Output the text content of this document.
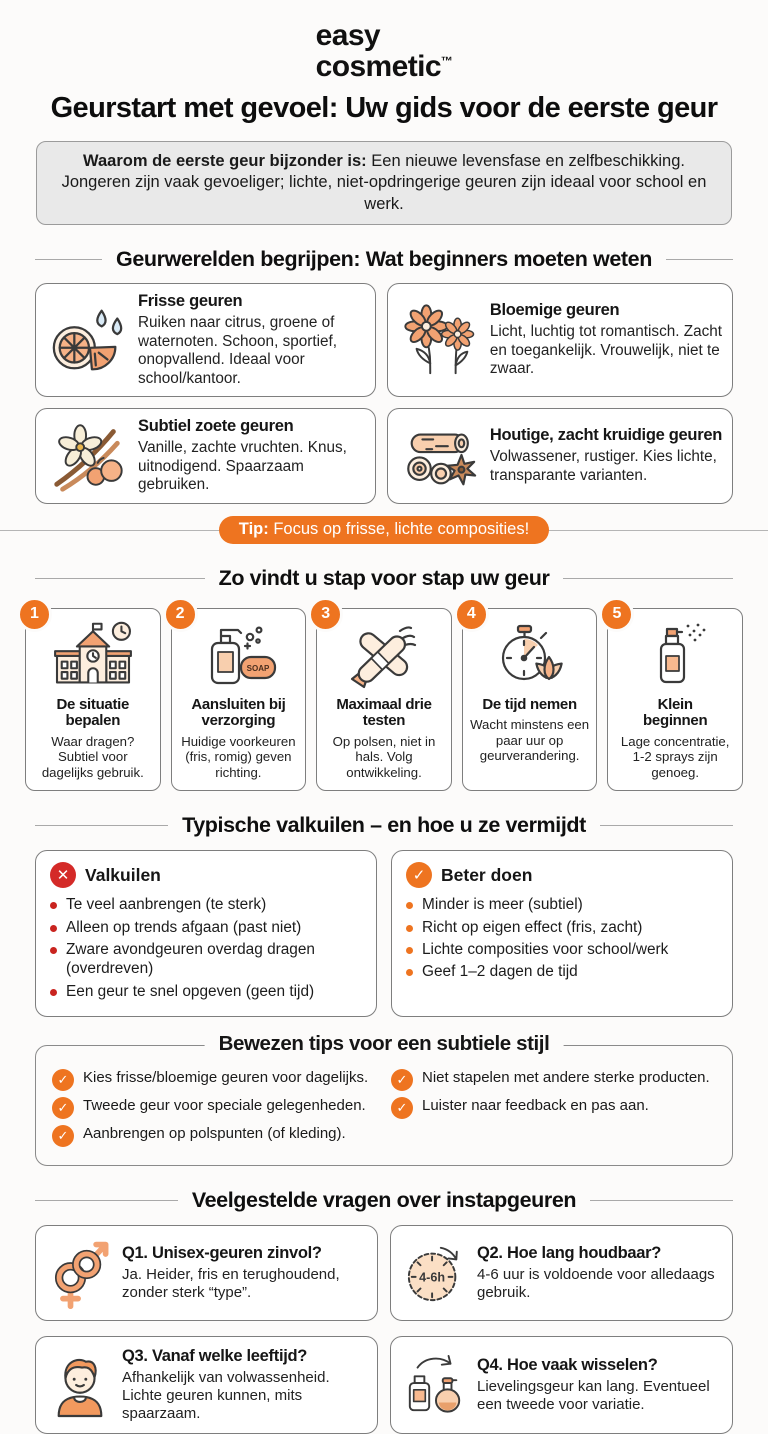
easy
cosmetic™
Geurstart met gevoel: Uw gids voor de eerste geur
Waarom de eerste geur bijzonder is: Een nieuwe levensfase en zelfbeschikking. Jongeren zijn vaak gevoeliger; lichte, niet-opdringerige geuren zijn ideaal voor school en werk.
Geurwerelden begrijpen: Wat beginners moeten weten
Frisse geuren

Ruiken naar citrus, groene of waternoten. Schoon, sportief, onopvallend. Ideaal voor school/kantoor.

Bloemige geuren

Licht, luchtig tot romantisch. Zacht en toegankelijk. Vrouwelijk, niet te zwaar.

Subtiel zoete geuren

Vanille, zachte vruchten. Knus, uitnodigend. Spaarzaam gebruiken.

Houtige, zacht kruidige geuren

Volwassener, rustiger. Kies lichte, transparante varianten.

Tip: Focus op frisse, lichte composities!
Zo vindt u stap voor stap uw geur
1
De situatie bepalen

Waar dragen? Subtiel voor dagelijks gebruik.

2
SOAP
Aansluiten bij verzorging

Huidige voorkeuren (fris, romig) geven richting.

3
Maximaal drie testen

Op polsen, niet in hals. Volg ontwikkeling.

4
De tijd nemen

Wacht minstens een paar uur op geurverandering.

5
Klein beginnen

Lage concentratie, 1-2 sprays zijn genoeg.

Typische valkuilen – en hoe u ze vermijdt
✕ Valkuilen
Te veel aanbrengen (te sterk)
Alleen op trends afgaan (past niet)
Zware avondgeuren overdag dragen (overdreven)
Een geur te snel opgeven (geen tijd)
✓ Beter doen
Minder is meer (subtiel)
Richt op eigen effect (fris, zacht)
Lichte composities voor school/werk
Geef 1–2 dagen de tijd
Bewezen tips voor een subtiele stijl
✓ Kies frisse/bloemige geuren voor dagelijks.
✓ Tweede geur voor speciale gelegenheden.
✓ Aanbrengen op polspunten (of kleding).
✓ Niet stapelen met andere sterke producten.
✓ Luister naar feedback en pas aan.
Veelgestelde vragen over instapgeuren
Q1. Unisex-geuren zinvol?

Ja. Heider, fris en terughoudend, zonder sterk “type”.

4-6h
Q2. Hoe lang houdbaar?

4-6 uur is voldoende voor alledaags gebruik.

Q3. Vanaf welke leeftijd?

Afhankelijk van volwassenheid. Lichte geuren kunnen, mits spaarzaam.

Q4. Hoe vaak wisselen?

Lievelingsgeur kan lang. Eventueel een tweede voor variatie.
